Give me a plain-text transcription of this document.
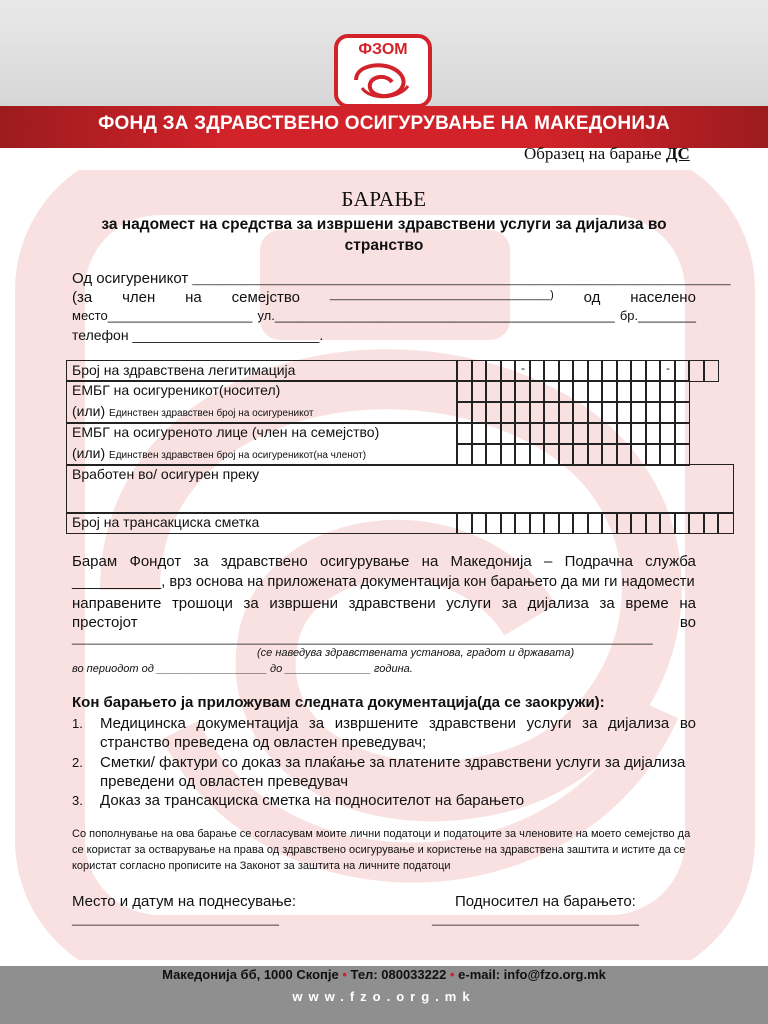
ФЗОМ
ФОНД ЗА ЗДРАВСТВЕНО ОСИГУРУВАЊЕ НА МАКЕДОНИЈА
Образец на барање ДС
БАРАЊЕ
за надомест на средства за извршени здравствени услуги за дијализа во странство
Од осигуреникот ________________________________________________________________________________________
(за член на семејство	____________________________________) од населено
место____________________ ул._______________________________________________ бр.________
телефон ________________________.
Број на здравствена легитимација
ЕМБГ на осигуреникот(носител)
(или) Единствен здравствен број на осигуреникот
ЕМБГ на осигуреното лице (член на семејство)
(или) Единствен здравствен број на осигуреникот(на членот)
Вработен во/ осигурен преку
Број на трансакциска сметка
-	-
Барам Фондот за здравствено осигурување на Македонија – Подрачна служба
___________, врз основа на приложената документација кон барањето да ми ги надомести
направените трошоци за извршени здравствени услуги за дијализа за време на
престојот	во
_______________________________________________________________________________________
(се наведува здравствената установа, градот и државата)
во периодот од __________________ до ______________ година.
Кон барањето ја приложувам следната документација(да се заокружи):
1. Медицинска документација за извршените здравствени услуги за дијализа во странство преведена од овластен преведувач;
2. Сметки/ фактури со доказ за плаќање за платените здравствени услуги за дијализа преведени од овластен преведувач
3. Доказ за трансакциска сметка на подносителот на барањето
Со пополнување на ова барање се согласувам моите лични податоци и податоците за членовите на моето семејство да се користат за остварување на права од здравствено осигурување и користење на здравствена заштита и истите да се користат согласно прописите на Законот за заштита на личните податоци
Место и датум на поднесување:
_______________________________
Подносител на барањето:
_______________________________
Македонија бб, 1000 Скопје • Тел: 080033222 • e-mail: info@fzo.org.mk
www.fzo.org.mk
